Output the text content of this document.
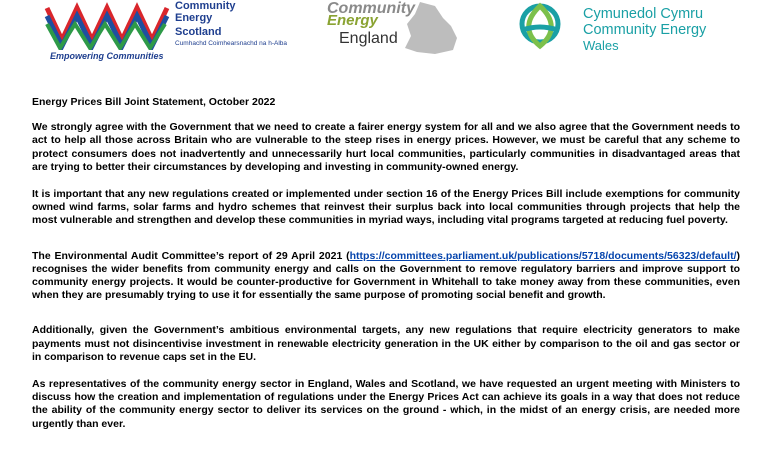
Community
Energy
Scotland
Cumhachd Coimhearsnachd na h-Alba
Empowering Communities
Community
Energy
England
Cymunedol Cymru
Community Energy
Wales
Energy Prices Bill Joint Statement, October 2022

We strongly agree with the Government that we need to create a fairer energy system for all and we also agree that the Government needs to act to help all those across Britain who are vulnerable to the steep rises in energy prices. However, we must be careful that any scheme to protect consumers does not inadvertently and unnecessarily hurt local communities, particularly communities in disadvantaged areas that are trying to better their circumstances by developing and investing in community-owned energy.

It is important that any new regulations created or implemented under section 16 of the Energy Prices Bill include exemptions for community owned wind farms, solar farms and hydro schemes that reinvest their surplus back into local communities through projects that help the most vulnerable and strengthen and develop these communities in myriad ways, including vital programs targeted at reducing fuel poverty.

The Environmental Audit Committee’s report of 29 April 2021 (https://committees.parliament.uk/publications/5718/documents/56323/default/) recognises the wider benefits from community energy and calls on the Government to remove regulatory barriers and improve support to community energy projects. It would be counter-productive for Government in Whitehall to take money away from these communities, even when they are presumably trying to use it for essentially the same purpose of promoting social benefit and growth.

Additionally, given the Government’s ambitious environmental targets, any new regulations that require electricity generators to make payments must not disincentivise investment in renewable electricity generation in the UK either by comparison to the oil and gas sector or in comparison to revenue caps set in the EU.

As representatives of the community energy sector in England, Wales and Scotland, we have requested an urgent meeting with Ministers to discuss how the creation and implementation of regulations under the Energy Prices Act can achieve its goals in a way that does not reduce the ability of the community energy sector to deliver its services on the ground - which, in the midst of an energy crisis, are needed more urgently than ever.
